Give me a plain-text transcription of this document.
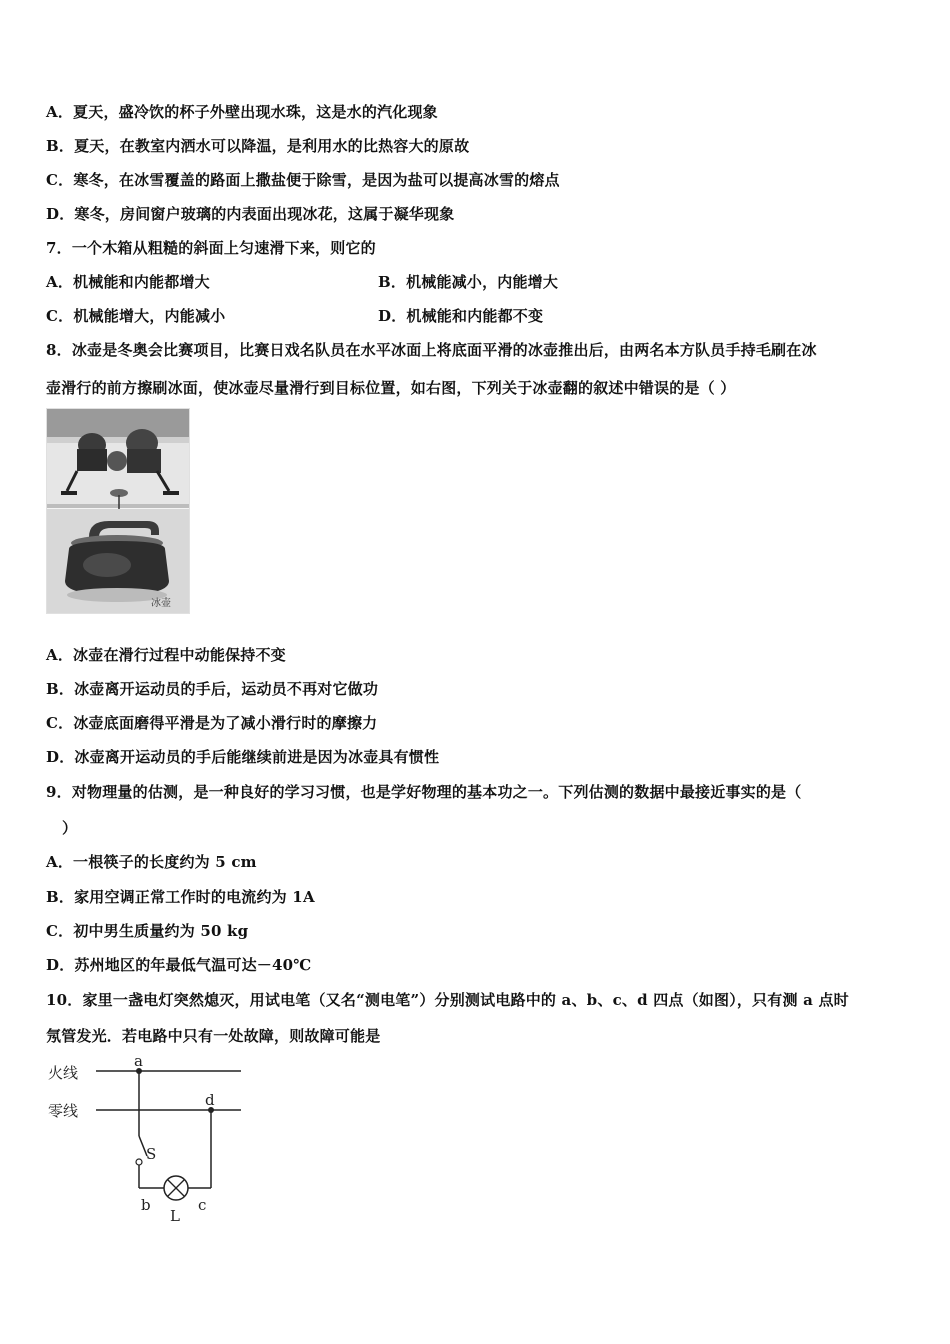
A．夏天，盛冷饮的杯子外壁出现水珠，这是水的汽化现象
B．夏天，在教室内洒水可以降温，是利用水的比热容大的原故
C．寒冬，在冰雪覆盖的路面上撒盐便于除雪，是因为盐可以提高冰雪的熔点
D．寒冬，房间窗户玻璃的内表面出现冰花，这属于凝华现象
7．一个木箱从粗糙的斜面上匀速滑下来，则它的
A．机械能和内能都增大	B．机械能减小，内能增大
C．机械能增大，内能减小	D．机械能和内能都不变
8．冰壶是冬奥会比赛项目，比赛日戏名队员在水平冰面上将底面平滑的冰壶推出后，由两名本方队员手持毛刷在冰
壶滑行的前方擦刷冰面，使冰壶尽量滑行到目标位置，如右图，下列关于冰壶翻的叙述中错误的是（ ）
冰壶
A．冰壶在滑行过程中动能保持不变
B．冰壶离开运动员的手后，运动员不再对它做功
C．冰壶底面磨得平滑是为了减小滑行时的摩擦力
D．冰壶离开运动员的手后能继续前进是因为冰壶具有惯性
9．对物理量的估测，是一种良好的学习习惯，也是学好物理的基本功之一。下列估测的数据中最接近事实的是（
）
A．一根筷子的长度约为 5 cm
B．家用空调正常工作时的电流约为 1A
C．初中男生质量约为 50 kg
D．苏州地区的年最低气温可达－40℃
10．家里一盏电灯突然熄灭，用试电笔（又名“测电笔”）分别测试电路中的 a、b、c、d 四点（如图），只有测 a 点时
氖管发光．若电路中只有一处故障，则故障可能是
火线
零线
a
d
S
L
b	c
